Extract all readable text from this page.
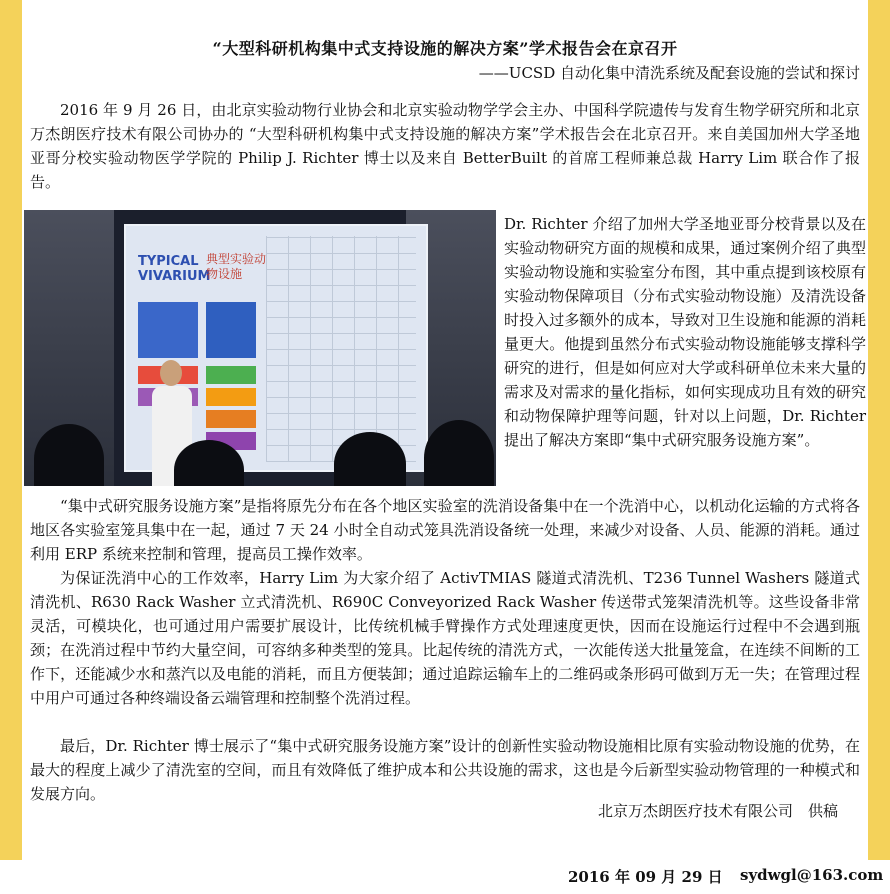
“大型科研机构集中式支持设施的解决方案”学术报告会在京召开
——UCSD 自动化集中清洗系统及配套设施的尝试和探讨

2016 年 9 月 26 日，由北京实验动物行业协会和北京实验动物学学会主办、中国科学院遗传与发育生物学研究所和北京万杰朗医疗技术有限公司协办的 “大型科研机构集中式支持设施的解决方案”学术报告会在北京召开。来自美国加州大学圣地亚哥分校实验动物医学学院的 Philip J. Richter 博士以及来自 BetterBuilt 的首席工程师兼总裁 Harry Lim 联合作了报告。

TYPICAL
VIVARIUM
典型实验动
物设施

Dr. Richter 介绍了加州大学圣地亚哥分校背景以及在实验动物研究方面的规模和成果，通过案例介绍了典型实验动物设施和实验室分布图，其中重点提到该校原有实验动物保障项目（分布式实验动物设施）及清洗设备时投入过多额外的成本，导致对卫生设施和能源的消耗量更大。他提到虽然分布式实验动物设施能够支撑科学研究的进行，但是如何应对大学或科研单位未来大量的需求及对需求的量化指标，如何实现成功且有效的研究和动物保障护理等问题，针对以上问题，Dr. Richter 提出了解决方案即“集中式研究服务设施方案”。

“集中式研究服务设施方案”是指将原先分布在各个地区实验室的洗消设备集中在一个洗消中心，以机动化运输的方式将各地区各实验室笼具集中在一起，通过 7 天 24 小时全自动式笼具洗消设备统一处理，来减少对设备、人员、能源的消耗。通过利用 ERP 系统来控制和管理，提高员工操作效率。

为保证洗消中心的工作效率，Harry Lim 为大家介绍了 ActivTMIAS 隧道式清洗机、T236 Tunnel Washers 隧道式清洗机、R630 Rack Washer 立式清洗机、R690C Conveyorized Rack Washer 传送带式笼架清洗机等。这些设备非常灵活，可模块化，也可通过用户需要扩展设计，比传统机械手臂操作方式处理速度更快，因而在设施运行过程中不会遇到瓶颈；在洗消过程中节约大量空间，可容纳多种类型的笼具。比起传统的清洗方式，一次能传送大批量笼盒，在连续不间断的工作下，还能减少水和蒸汽以及电能的消耗，而且方便装卸；通过追踪运输车上的二维码或条形码可做到万无一失；在管理过程中用户可通过各种终端设备云端管理和控制整个洗消过程。

最后，Dr. Richter 博士展示了“集中式研究服务设施方案”设计的创新性实验动物设施相比原有实验动物设施的优势，在最大的程度上减少了清洗室的空间，而且有效降低了维护成本和公共设施的需求，这也是今后新型实验动物管理的一种模式和发展方向。

北京万杰朗医疗技术有限公司　供稿
2016 年 09 月 29 日 sydwgl@163.com
